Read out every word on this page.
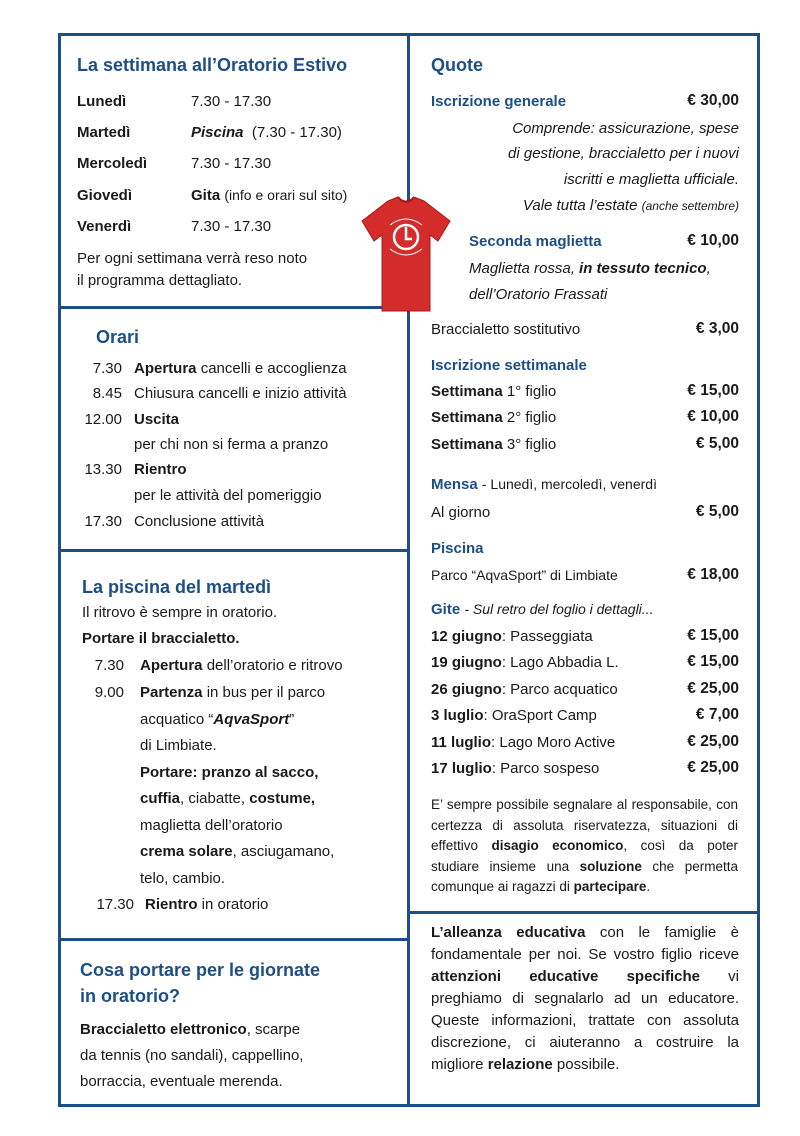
La settimana all’Oratorio Estivo
Lunedì	7.30 - 17.30
Martedì	Piscina (7.30 - 17.30)
Mercoledì	7.30 - 17.30
Giovedì	Gita (info e orari sul sito)
Venerdì	7.30 - 17.30
Per ogni settimana verrà reso noto
il programma dettagliato.
Orari
7.30 Apertura cancelli e accoglienza
8.45 Chiusura cancelli e inizio attività
12.00 Uscita
per chi non si ferma a pranzo
13.30 Rientro
per le attività del pomeriggio
17.30 Conclusione attività
La piscina del martedì
Il ritrovo è sempre in oratorio.
Portare il braccialetto.
7.30 Apertura dell’oratorio e ritrovo
9.00 Partenza in bus per il parco
acquatico “AqvaSport”
di Limbiate.
Portare: pranzo al sacco,
cuffia, ciabatte, costume,
maglietta dell’oratorio
crema solare, asciugamano,
telo, cambio.
17.30 Rientro in oratorio
Cosa portare per le giornate
in oratorio?
Braccialetto elettronico, scarpe
da tennis (no sandali), cappellino,
borraccia, eventuale merenda.
Quote
Iscrizione generale	€ 30,00
Comprende: assicurazione, spese
di gestione, braccialetto per i nuovi
iscritti e maglietta ufficiale.
Vale tutta l’estate (anche settembre)
Seconda maglietta	€ 10,00
Maglietta rossa, in tessuto tecnico,
dell’Oratorio Frassati
Braccialetto sostitutivo	€ 3,00
Iscrizione settimanale
Settimana 1° figlio	€ 15,00
Settimana 2° figlio	€ 10,00
Settimana 3° figlio	€ 5,00
Mensa - Lunedì, mercoledì, venerdì
Al giorno	€ 5,00
Piscina
Parco “AqvaSport” di Limbiate	€ 18,00
Gite - Sul retro del foglio i dettagli...
12 giugno: Passeggiata	€ 15,00
19 giugno: Lago Abbadia L.	€ 15,00
26 giugno: Parco acquatico	€ 25,00
3 luglio: OraSport Camp	€ 7,00
11 luglio: Lago Moro Active	€ 25,00
17 luglio: Parco sospeso	€ 25,00
E’ sempre possibile segnalare al responsabile, con certezza di assoluta riservatezza, situazioni di effettivo disagio economico, così da poter studiare insieme una soluzione che permetta comunque ai ragazzi di partecipare.
L’alleanza educativa con le famiglie è fondamentale per noi. Se vostro figlio riceve attenzioni educative specifiche vi preghiamo di segnalarlo ad un educatore. Queste informazioni, trattate con assoluta discrezione, ci aiuteranno a costruire la migliore relazione possibile.
